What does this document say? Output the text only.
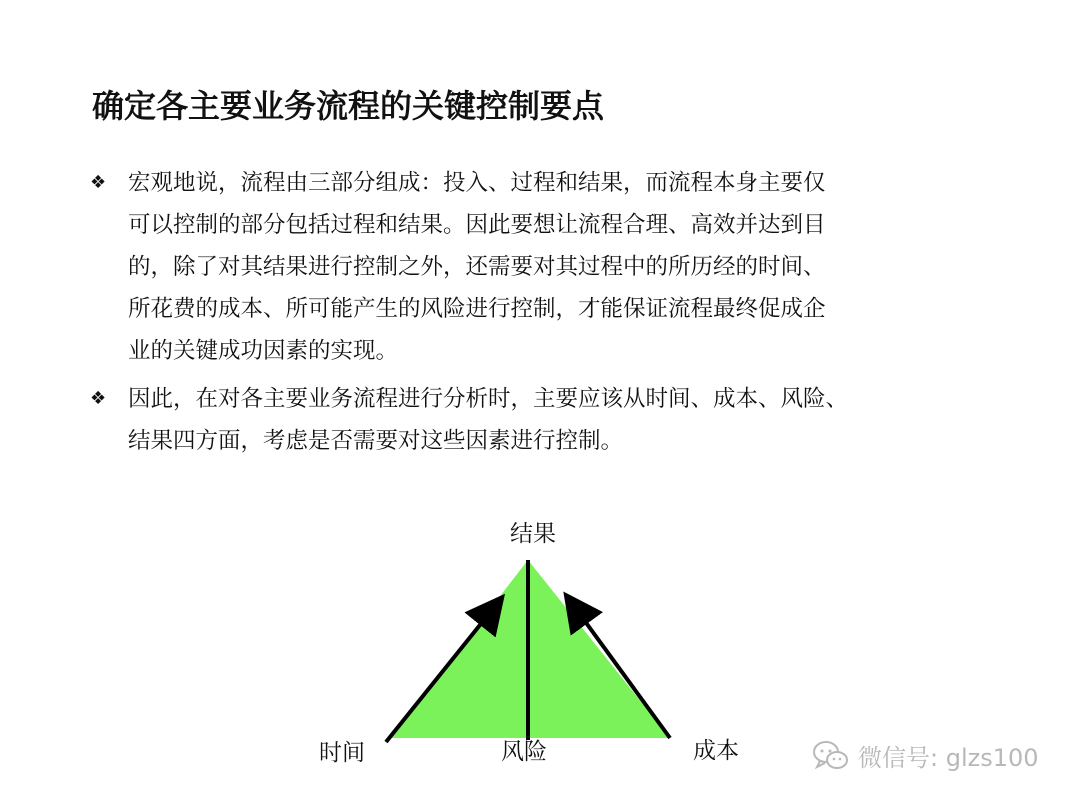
确定各主要业务流程的关键控制要点
❖ 宏观地说，流程由三部分组成：投入、过程和结果，而流程本身主要仅
可以控制的部分包括过程和结果。因此要想让流程合理、高效并达到目
的，除了对其结果进行控制之外，还需要对其过程中的所历经的时间、
所花费的成本、所可能产生的风险进行控制，才能保证流程最终促成企
业的关键成功因素的实现。
❖ 因此，在对各主要业务流程进行分析时，主要应该从时间、成本、风险、
结果四方面，考虑是否需要对这些因素进行控制。
结果
时间	风险	成本	微信号: glzs100
